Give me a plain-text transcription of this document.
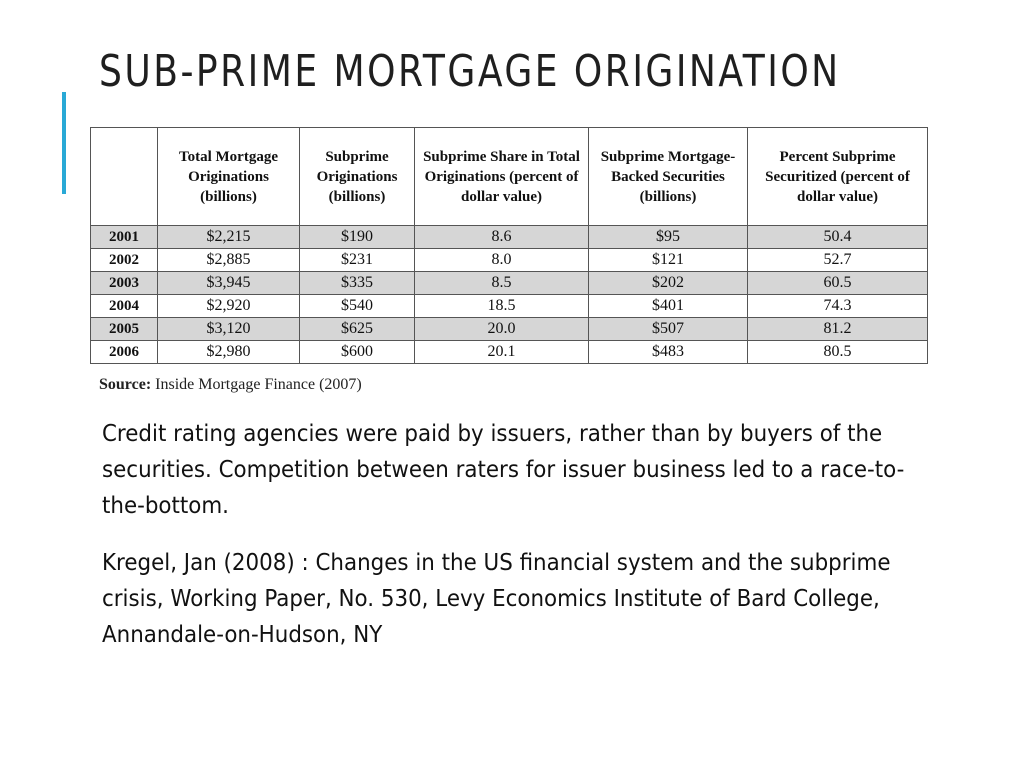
SUB-PRIME MORTGAGE ORIGINATION
	Total Mortgage Originations (billions)	Subprime Originations (billions)	Subprime Share in Total Originations (percent of dollar value)	Subprime Mortgage-Backed Securities (billions)	Percent Subprime Securitized (percent of dollar value)
2001	$2,215	$190	8.6	$95	50.4
2002	$2,885	$231	8.0	$121	52.7
2003	$3,945	$335	8.5	$202	60.5
2004	$2,920	$540	18.5	$401	74.3
2005	$3,120	$625	20.0	$507	81.2
2006	$2,980	$600	20.1	$483	80.5
Source: Inside Mortgage Finance (2007)

Credit rating agencies were paid by issuers, rather than by buyers of the securities. Competition between raters for issuer business led to a race-to-the-bottom.

Kregel, Jan (2008) : Changes in the US financial system and the subprime crisis, Working Paper, No. 530, Levy Economics Institute of Bard College, Annandale-on-Hudson, NY
